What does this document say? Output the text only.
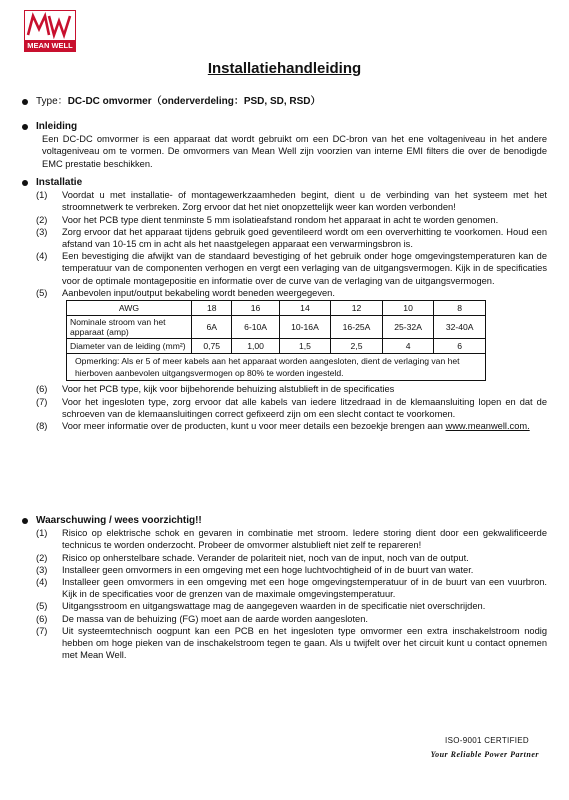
MEAN WELL
Installatiehandleiding
Type：DC-DC omvormer（onderverdeling：PSD, SD, RSD）
Inleiding
Een DC-DC omvormer is een apparaat dat wordt gebruikt om een DC-bron van het ene voltageniveau in het andere voltageniveau om te vormen. De omvormers van Mean Well zijn voorzien van interne EMI filters die over de benodigde EMC prestatie beschikken.
Installatie
(1)	Voordat u met installatie- of montagewerkzaamheden begint, dient u de verbinding van het systeem met het stroomnetwerk te verbreken. Zorg ervoor dat het niet onopzettelijk weer kan worden verbonden!
(2)	Voor het PCB type dient tenminste 5 mm isolatieafstand rondom het apparaat in acht te worden genomen.
(3)	Zorg ervoor dat het apparaat tijdens gebruik goed geventileerd wordt om een oververhitting te voorkomen. Houd een afstand van 10-15 cm in acht als het naastgelegen apparaat een verwarmingsbron is.
(4)	Een bevestiging die afwijkt van de standaard bevestiging of het gebruik onder hoge omgevingstemperaturen kan de temperatuur van de componenten verhogen en vergt een verlaging van de uitgangsvermogen. Kijk in de specificaties voor de optimale montagepositie en informatie over de curve van de verlaging van de uitgangsvermogen.
(5)	Aanbevolen input/output bekabeling wordt beneden weergegeven.
AWG	18	16	14	12	10	8
Nominale stroom van het apparaat (amp)	6A	6-10A	10-16A	16-25A	25-32A	32-40A
Diameter van de leiding (mm²)	0,75	1,00	1,5	2,5	4	6
Opmerking: Als er 5 of meer kabels aan het apparaat worden aangesloten, dient de verlaging van het hierboven aanbevolen uitgangsvermogen op 80% te worden ingesteld.						
(6)	Voor het PCB type, kijk voor bijbehorende behuizing alstublieft in de specificaties
(7)	Voor het ingesloten type, zorg ervoor dat alle kabels van iedere litzedraad in de klemaansluiting lopen en dat de schroeven van de klemaansluitingen correct gefixeerd zijn om een slecht contact te voorkomen.
(8)	Voor meer informatie over de producten, kunt u voor meer details een bezoekje brengen aan www.meanwell.com.
Waarschuwing / wees voorzichtig!!
(1)	Risico op elektrische schok en gevaren in combinatie met stroom. Iedere storing dient door een gekwalificeerde technicus te worden onderzocht. Probeer de omvormer alstublieft niet zelf te repareren!
(2)	Risico op onherstelbare schade. Verander de polariteit niet, noch van de input, noch van de output.
(3)	Installeer geen omvormers in een omgeving met een hoge luchtvochtigheid of in de buurt van water.
(4)	Installeer geen omvormers in een omgeving met een hoge omgevingstemperatuur of in de buurt van een vuurbron. Kijk in de specificaties voor de grenzen van de maximale omgevingstemperatuur.
(5)	Uitgangsstroom en uitgangswattage mag de aangegeven waarden in de specificatie niet overschrijden.
(6)	De massa van de behuizing (FG) moet aan de aarde worden aangesloten.
(7)	Uit systeemtechnisch oogpunt kan een PCB en het ingesloten type omvormer een extra inschakelstroom nodig hebben om hoge pieken van de inschakelstroom tegen te gaan. Als u twijfelt over het circuit kunt u contact opnemen met Mean Well.
ISO-9001 CERTIFIED
Your Reliable Power Partner
